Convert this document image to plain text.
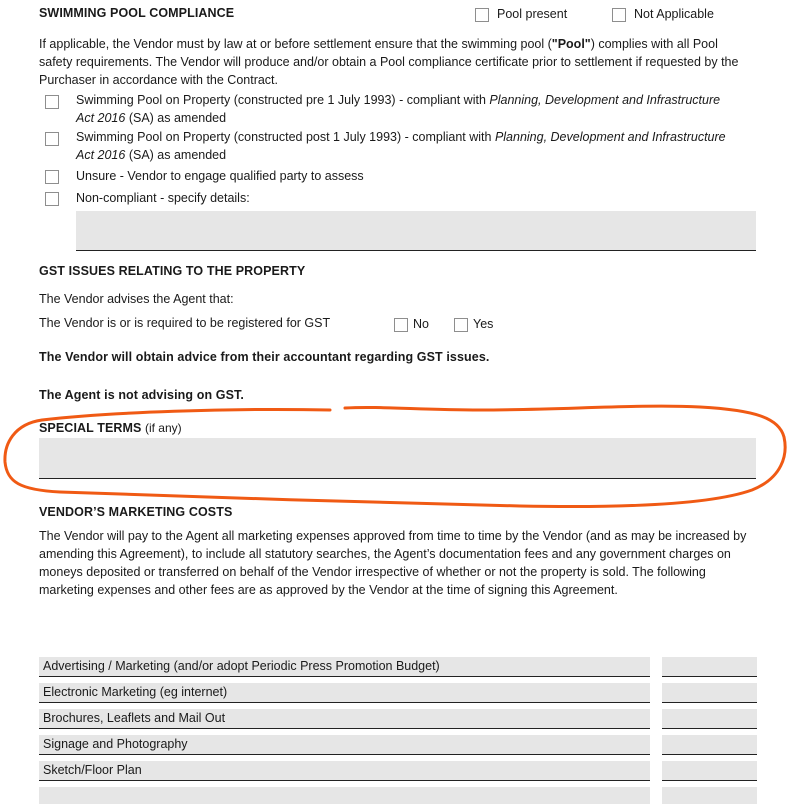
SWIMMING POOL COMPLIANCE	Pool present	Not Applicable
If applicable, the Vendor must by law at or before settlement ensure that the swimming pool ("Pool") complies with all Pool safety requirements. The Vendor will produce and/or obtain a Pool compliance certificate prior to settlement if requested by the Purchaser in accordance with the Contract.
Swimming Pool on Property (constructed pre 1 July 1993) - compliant with Planning, Development and Infrastructure Act 2016 (SA) as amended
Swimming Pool on Property (constructed post 1 July 1993) - compliant with Planning, Development and Infrastructure Act 2016 (SA) as amended
Unsure - Vendor to engage qualified party to assess
Non-compliant - specify details:
GST ISSUES RELATING TO THE PROPERTY
The Vendor advises the Agent that:
The Vendor is or is required to be registered for GST	No	Yes
The Vendor will obtain advice from their accountant regarding GST issues.
The Agent is not advising on GST.
SPECIAL TERMS (if any)
VENDOR’S MARKETING COSTS
The Vendor will pay to the Agent all marketing expenses approved from time to time by the Vendor (and as may be increased by amending this Agreement), to include all statutory searches, the Agent’s documentation fees and any government charges on moneys deposited or transferred on behalf of the Vendor irrespective of whether or not the property is sold. The following marketing expenses and other fees are as approved by the Vendor at the time of signing this Agreement.
Advertising / Marketing (and/or adopt Periodic Press Promotion Budget)
Electronic Marketing (eg internet)
Brochures, Leaflets and Mail Out
Signage and Photography
Sketch/Floor Plan
